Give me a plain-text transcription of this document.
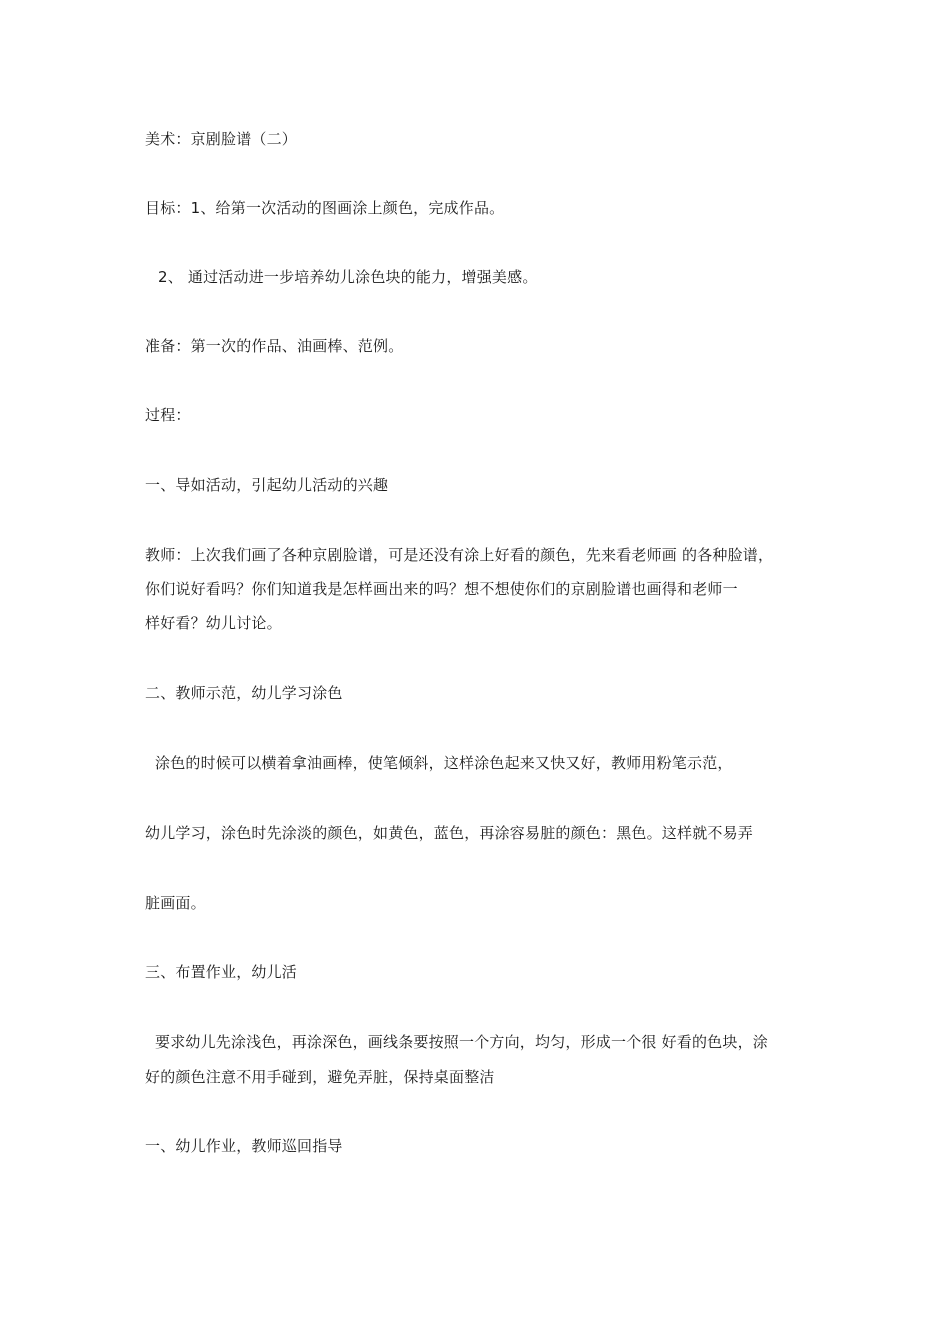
美术：京剧脸谱（二）
目标：1、给第一次活动的图画涂上颜色，完成作品。
2、 通过活动进一步培养幼儿涂色块的能力，增强美感。
准备：第一次的作品、油画棒、范例。
过程：
一、导如活动，引起幼儿活动的兴趣
教师：上次我们画了各种京剧脸谱，可是还没有涂上好看的颜色，先来看老师画 的各种脸谱，
你们说好看吗？你们知道我是怎样画出来的吗？想不想使你们的京剧脸谱也画得和老师一
样好看？幼儿讨论。
二、教师示范，幼儿学习涂色
涂色的时候可以横着拿油画棒，使笔倾斜，这样涂色起来又快又好，教师用粉笔示范，
幼儿学习，涂色时先涂淡的颜色，如黄色，蓝色，再涂容易脏的颜色：黑色。这样就不易弄
脏画面。
三、布置作业，幼儿活
要求幼儿先涂浅色，再涂深色，画线条要按照一个方向，均匀，形成一个很 好看的色块，涂
好的颜色注意不用手碰到，避免弄脏，保持桌面整洁
一、幼儿作业，教师巡回指导
